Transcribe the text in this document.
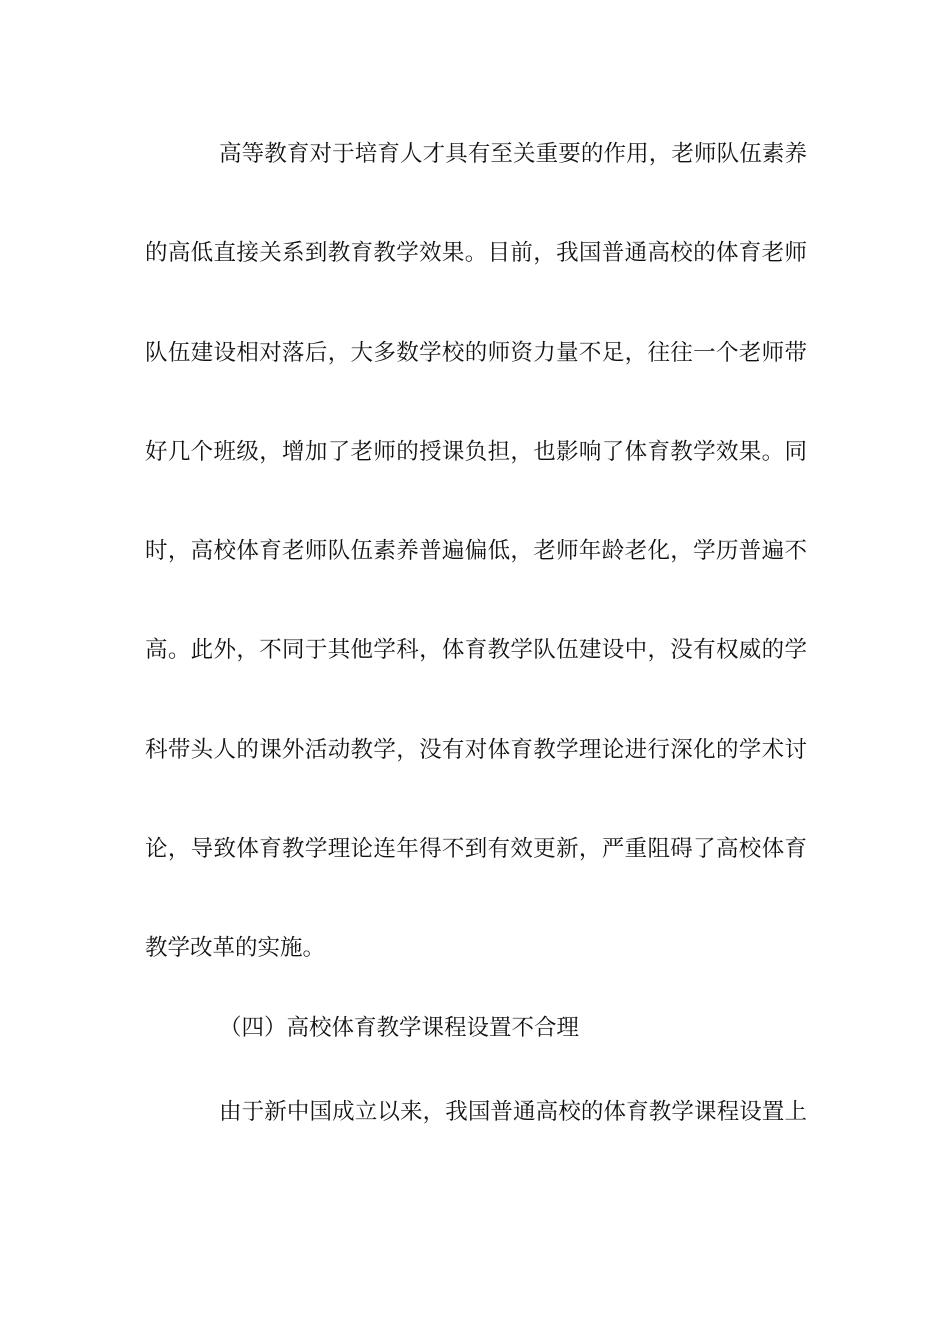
高等教育对于培育人才具有至关重要的作用，老师队伍素养
的高低直接关系到教育教学效果。目前，我国普通高校的体育老师
队伍建设相对落后，大多数学校的师资力量不足，往往一个老师带
好几个班级，增加了老师的授课负担，也影响了体育教学效果。同
时，高校体育老师队伍素养普遍偏低，老师年龄老化，学历普遍不
高。此外，不同于其他学科，体育教学队伍建设中，没有权威的学
科带头人的课外活动教学，没有对体育教学理论进行深化的学术讨
论，导致体育教学理论连年得不到有效更新，严重阻碍了高校体育
教学改革的实施。
（四）高校体育教学课程设置不合理
由于新中国成立以来，我国普通高校的体育教学课程设置上
